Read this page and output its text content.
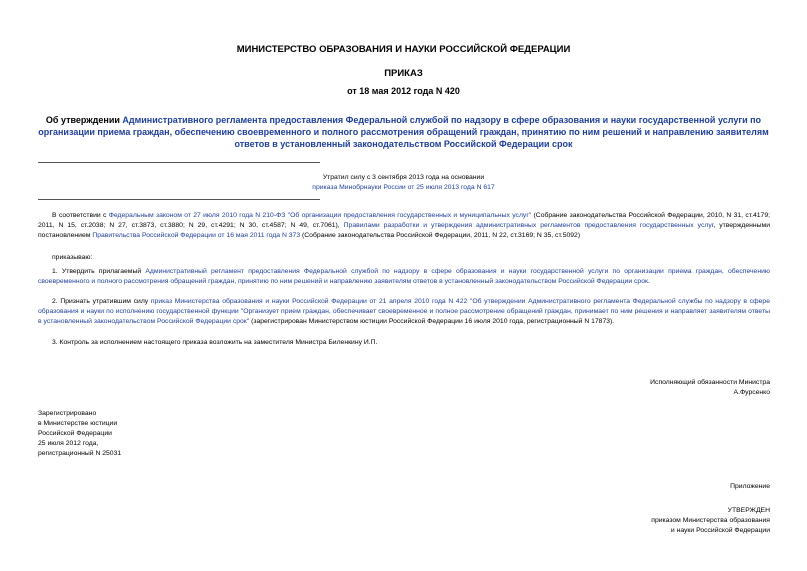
МИНИСТЕРСТВО ОБРАЗОВАНИЯ И НАУКИ РОССИЙСКОЙ ФЕДЕРАЦИИ
ПРИКАЗ
от 18 мая 2012 года N 420
Об утверждении Административного регламента предоставления Федеральной службой по надзору в сфере образования и науки государственной услуги по организации приема граждан, обеспечению своевременного и полного рассмотрения обращений граждан, принятию по ним решений и направлению заявителям ответов в установленный законодательством Российской Федерации срок
Утратил силу с 3 сентября 2013 года на основании
приказа Минобрнауки России от 25 июля 2013 года N 617
В соответствии с Федеральным законом от 27 июля 2010 года N 210-ФЗ "Об организации предоставления государственных и муниципальных услуг" (Собрание законодательства Российской Федерации, 2010, N 31, ст.4179; 2011, N 15, ст.2038; N 27, ст.3873, ст.3880; N 29, ст.4291; N 30, ст.4587; N 49, ст.7061), Правилами разработки и утверждения административных регламентов предоставления государственных услуг, утвержденными постановлением Правительства Российской Федерации от 16 мая 2011 года N 373 (Собрание законодательства Российской Федерации, 2011, N 22, ст.3169; N 35, ст.5092)
приказываю:
1. Утвердить прилагаемый Административный регламент предоставления Федеральной службой по надзору в сфере образования и науки государственной услуги по организации приема граждан, обеспечению своевременного и полного рассмотрения обращений граждан, принятию по ним решений и направлению заявителям ответов в установленный законодательством Российской Федерации срок.
2. Признать утратившим силу приказ Министерства образования и науки Российской Федерации от 21 апреля 2010 года N 422 "Об утверждении Административного регламента Федеральной службы по надзору в сфере образования и науки по исполнению государственной функции "Организует прием граждан, обеспечивает своевременное и полное рассмотрение обращений граждан, принимает по ним решения и направляет заявителям ответы в установленный законодательством Российской Федерации срок" (зарегистрирован Министерством юстиции Российской Федерации 16 июля 2010 года, регистрационный N 17873).
3. Контроль за исполнением настоящего приказа возложить на заместителя Министра Биленкину И.П.
Исполняющий обязанности Министра
А.Фурсенко
Зарегистрировано
в Министерстве юстиции
Российской Федерации
25 июля 2012 года,
регистрационный N 25031
Приложение
УТВЕРЖДЕН
приказом Министерства образования
и науки Российской Федерации
